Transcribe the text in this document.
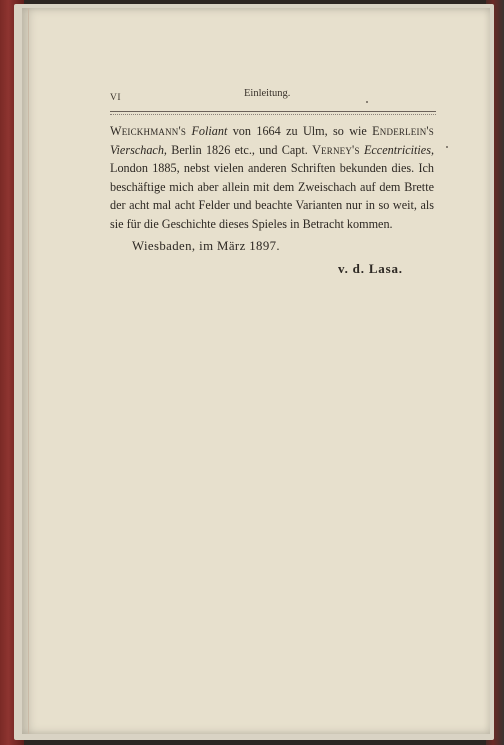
VI	Einleitung.

Weickhmann's Foliant von 1664 zu Ulm, so wie Enderlein's Vierschach, Berlin 1826 etc., und Capt. Verney's Eccentricities, London 1885, nebst vielen anderen Schriften bekunden dies. Ich beschäftige mich aber allein mit dem Zweischach auf dem Brette der acht mal acht Felder und beachte Varianten nur in so weit, als sie für die Geschichte dieses Spieles in Betracht kommen.

Wiesbaden, im März 1897.
v. d. Lasa.
